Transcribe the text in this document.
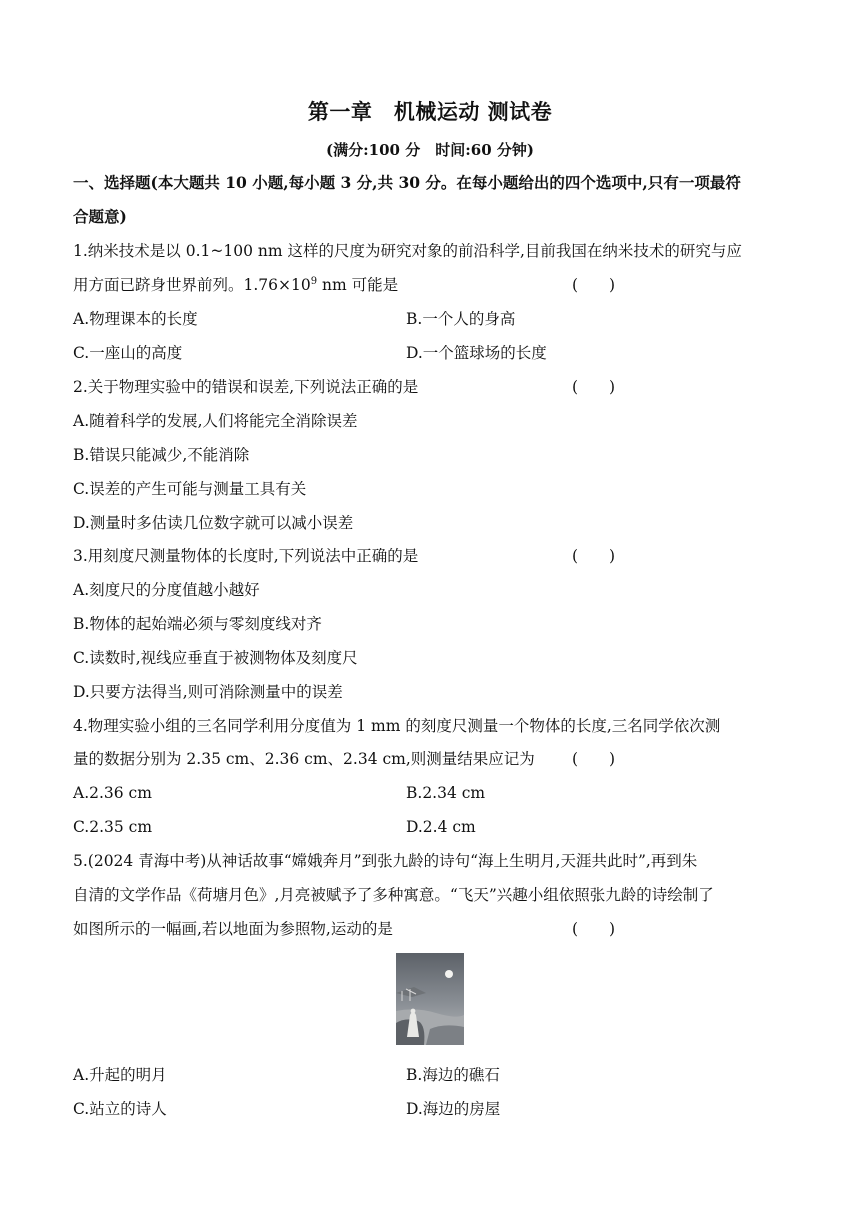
第一章　机械运动 测试卷
(满分:100 分　时间:60 分钟)
一、选择题(本大题共 10 小题,每小题 3 分,共 30 分。在每小题给出的四个选项中,只有一项最符
合题意)
1.纳米技术是以 0.1~100 nm 这样的尺度为研究对象的前沿科学,目前我国在纳米技术的研究与应
用方面已跻身世界前列。$1.76\times 10^9$ nm 可能是	(　　)
A.物理课本的长度	B.一个人的身高
C.一座山的高度	D.一个篮球场的长度
2.关于物理实验中的错误和误差,下列说法正确的是	(　　)
A.随着科学的发展,人们将能完全消除误差
B.错误只能减少,不能消除
C.误差的产生可能与测量工具有关
D.测量时多估读几位数字就可以减小误差
3.用刻度尺测量物体的长度时,下列说法中正确的是	(　　)
A.刻度尺的分度值越小越好
B.物体的起始端必须与零刻度线对齐
C.读数时,视线应垂直于被测物体及刻度尺
D.只要方法得当,则可消除测量中的误差
4.物理实验小组的三名同学利用分度值为 1 mm 的刻度尺测量一个物体的长度,三名同学依次测
量的数据分别为 2.35 cm、2.36 cm、2.34 cm,则测量结果应记为	(　　)
A.2.36 cm	B.2.34 cm
C.2.35 cm	D.2.4 cm
5.(2024 青海中考)从神话故事“嫦娥奔月”到张九龄的诗句“海上生明月,天涯共此时”,再到朱
自清的文学作品《荷塘月色》,月亮被赋予了多种寓意。“飞天”兴趣小组依照张九龄的诗绘制了
如图所示的一幅画,若以地面为参照物,运动的是	(　　)
A.升起的明月	B.海边的礁石
C.站立的诗人	D.海边的房屋
